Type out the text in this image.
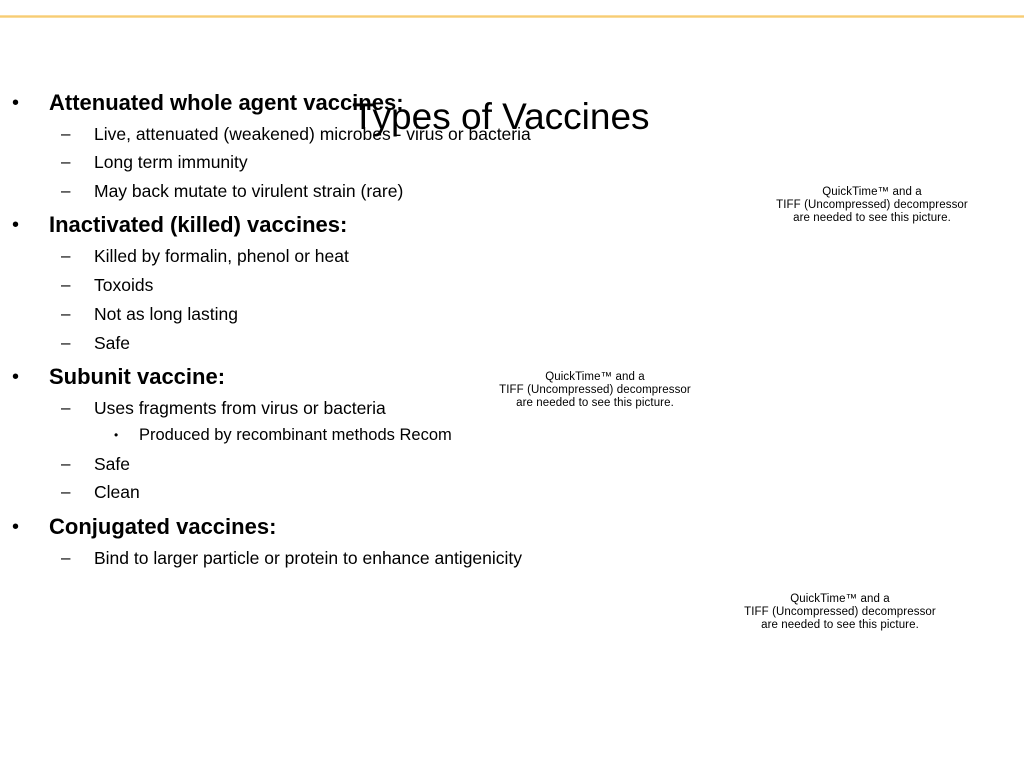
Types of Vaccines
• Attenuated whole agent vaccines:
– Live, attenuated (weakened) microbes - virus or bacteria
– Long term immunity
– May back mutate to virulent strain (rare)
• Inactivated (killed) vaccines:
– Killed by formalin, phenol or heat
– Toxoids
– Not as long lasting
– Safe
• Subunit vaccine:
– Uses fragments from virus or bacteria
• Produced by recombinant methods Recom
– Safe
– Clean
• Conjugated vaccines:
– Bind to larger particle or protein to enhance antigenicity
QuickTime™ and a
TIFF (Uncompressed) decompressor
are needed to see this picture.
QuickTime™ and a
TIFF (Uncompressed) decompressor
are needed to see this picture.
QuickTime™ and a
TIFF (Uncompressed) decompressor
are needed to see this picture.
